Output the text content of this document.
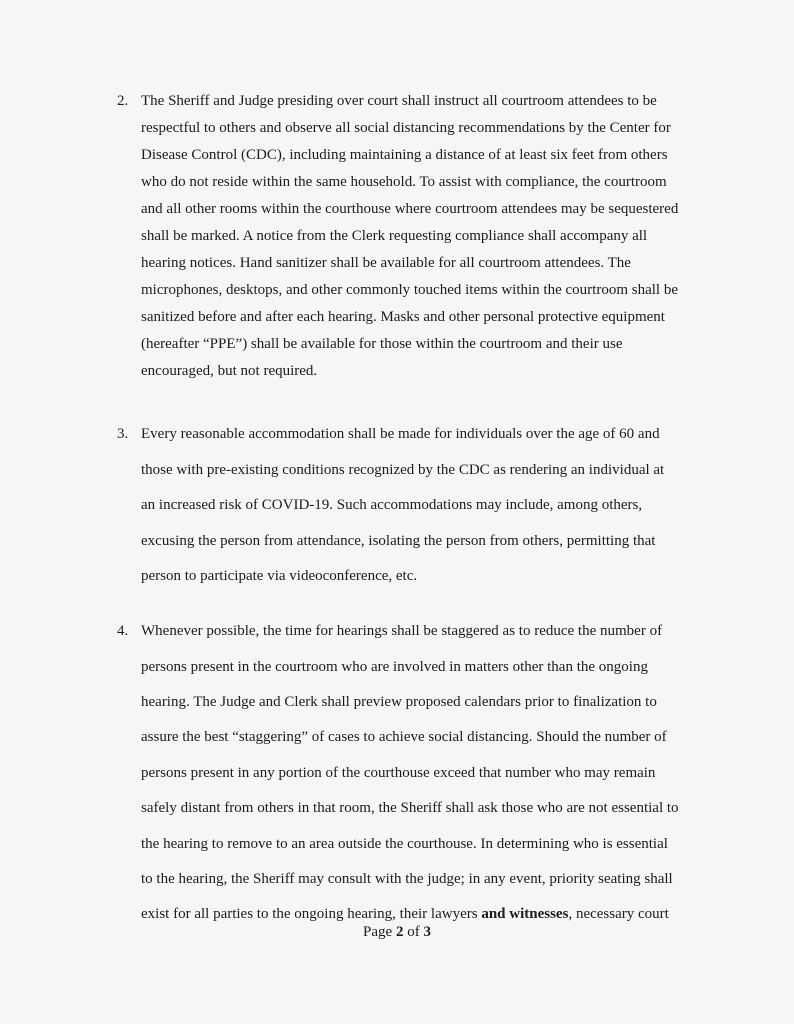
2. The Sheriff and Judge presiding over court shall instruct all courtroom attendees to be
respectful to others and observe all social distancing recommendations by the Center for
Disease Control (CDC), including maintaining a distance of at least six feet from others
who do not reside within the same household. To assist with compliance, the courtroom
and all other rooms within the courthouse where courtroom attendees may be sequestered
shall be marked. A notice from the Clerk requesting compliance shall accompany all
hearing notices. Hand sanitizer shall be available for all courtroom attendees. The
microphones, desktops, and other commonly touched items within the courtroom shall be
sanitized before and after each hearing. Masks and other personal protective equipment
(hereafter “PPE”) shall be available for those within the courtroom and their use
encouraged, but not required.
3. Every reasonable accommodation shall be made for individuals over the age of 60 and
those with pre-existing conditions recognized by the CDC as rendering an individual at
an increased risk of COVID-19. Such accommodations may include, among others,
excusing the person from attendance, isolating the person from others, permitting that
person to participate via videoconference, etc.
4. Whenever possible, the time for hearings shall be staggered as to reduce the number of
persons present in the courtroom who are involved in matters other than the ongoing
hearing. The Judge and Clerk shall preview proposed calendars prior to finalization to
assure the best “staggering” of cases to achieve social distancing. Should the number of
persons present in any portion of the courthouse exceed that number who may remain
safely distant from others in that room, the Sheriff shall ask those who are not essential to
the hearing to remove to an area outside the courthouse. In determining who is essential
to the hearing, the Sheriff may consult with the judge; in any event, priority seating shall
exist for all parties to the ongoing hearing, their lawyers and witnesses, necessary court
Page 2 of 3
